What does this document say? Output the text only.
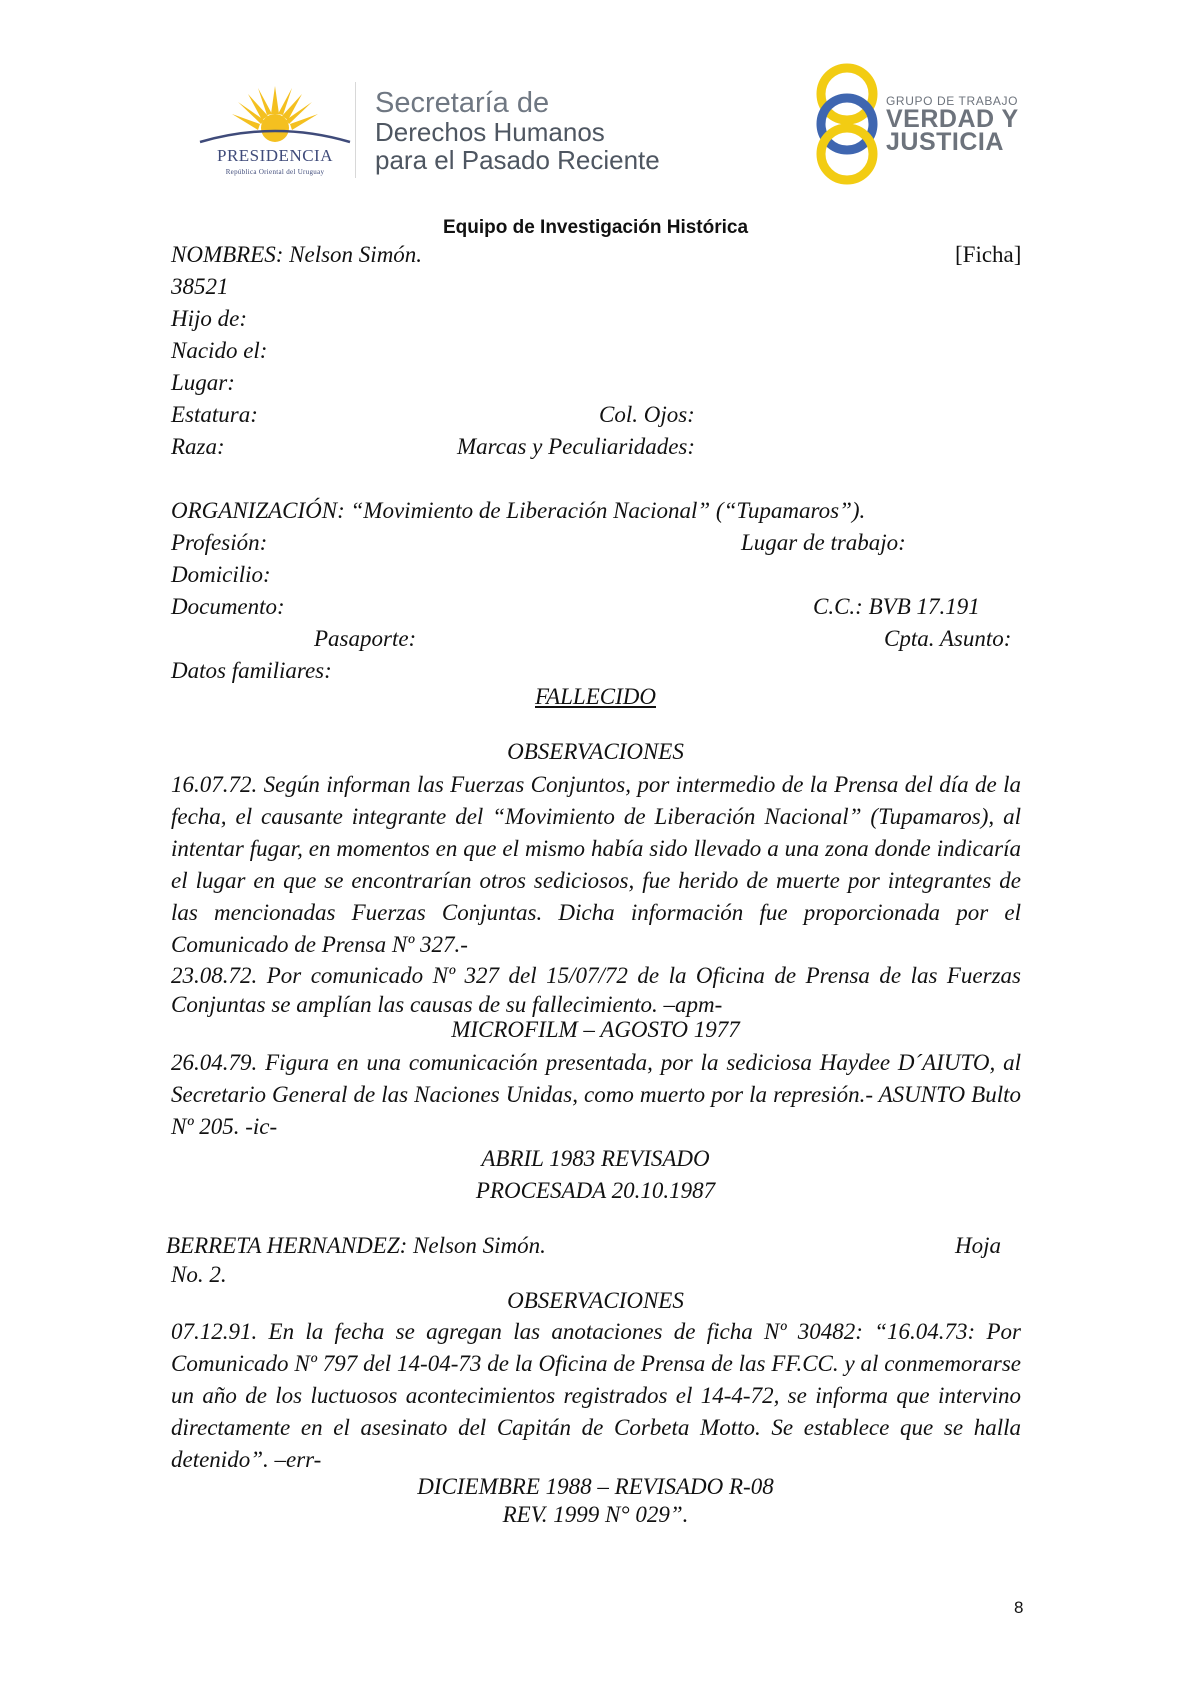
PRESIDENCIA
República Oriental del Uruguay
Secretaría de
Derechos Humanos
para el Pasado Reciente
GRUPO DE TRABAJO
VERDAD Y
JUSTICIA
Equipo de Investigación Histórica
NOMBRES: Nelson Simón.	[Ficha]
38521
Hijo de:
Nacido el:
Lugar:
Estatura:	Col. Ojos:
Raza:	Marcas y Peculiaridades:
ORGANIZACIÓN: “Movimiento de Liberación Nacional” (“Tupamaros”).
Profesión:	Lugar de trabajo:
Domicilio:
Documento:	C.C.: BVB 17.191
Pasaporte:	Cpta. Asunto:
Datos familiares:
FALLECIDO
OBSERVACIONES
16.07.72. Según informan las Fuerzas Conjuntos, por intermedio de la Prensa del día de la fecha, el causante integrante del “Movimiento de Liberación Nacional” (Tupamaros), al intentar fugar, en momentos en que el mismo había sido llevado a una zona donde indicaría el lugar en que se encontrarían otros sediciosos, fue herido de muerte por integrantes de las mencionadas Fuerzas Conjuntas. Dicha información fue proporcionada por el Comunicado de Prensa Nº 327.-
23.08.72. Por comunicado Nº 327 del 15/07/72 de la Oficina de Prensa de las Fuerzas Conjuntas se amplían las causas de su fallecimiento. –apm-
MICROFILM – AGOSTO 1977
26.04.79. Figura en una comunicación presentada, por la sediciosa Haydee D´AIUTO, al Secretario General de las Naciones Unidas, como muerto por la represión.- ASUNTO Bulto Nº 205. -ic-
ABRIL 1983 REVISADO
PROCESADA 20.10.1987
BERRETA HERNANDEZ: Nelson Simón.	Hoja
No. 2.
OBSERVACIONES
07.12.91. En la fecha se agregan las anotaciones de ficha Nº 30482: “16.04.73: Por Comunicado Nº 797 del 14-04-73 de la Oficina de Prensa de las FF.CC. y al conmemorarse un año de los luctuosos acontecimientos registrados el 14-4-72, se informa que intervino directamente en el asesinato del Capitán de Corbeta Motto. Se establece que se halla detenido”. –err-
DICIEMBRE 1988 – REVISADO R-08
REV. 1999 N° 029”.
8
